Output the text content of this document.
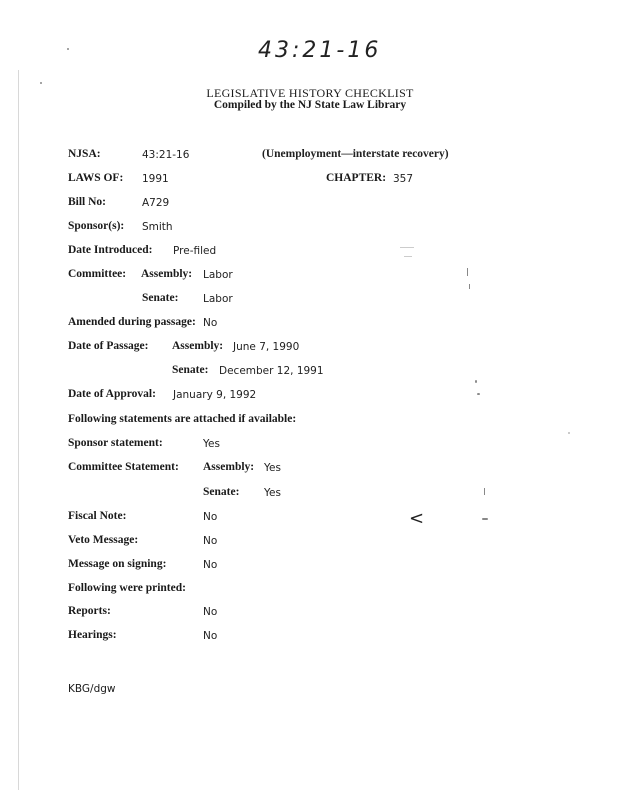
43:21-16
LEGISLATIVE HISTORY CHECKLIST
Compiled by the NJ State Law Library
NJSA:	43:21-16	(Unemployment—interstate recovery)
LAWS OF: 1991	CHAPTER: 357
Bill No:	A729
Sponsor(s): Smith
Date Introduced: Pre-filed
Committee: Assembly: Labor
Senate: Labor
Amended during passage: No
Date of Passage: Assembly: June 7, 1990
Senate: December 12, 1991
Date of Approval: January 9, 1992
Following statements are attached if available:
Sponsor statement:	Yes
Committee Statement: Assembly: Yes
Senate: Yes
Fiscal Note:	No
Veto Message:	No
Message on signing:	No
Following were printed:
Reports:	No
Hearings:	No
KBG/dgw
<
